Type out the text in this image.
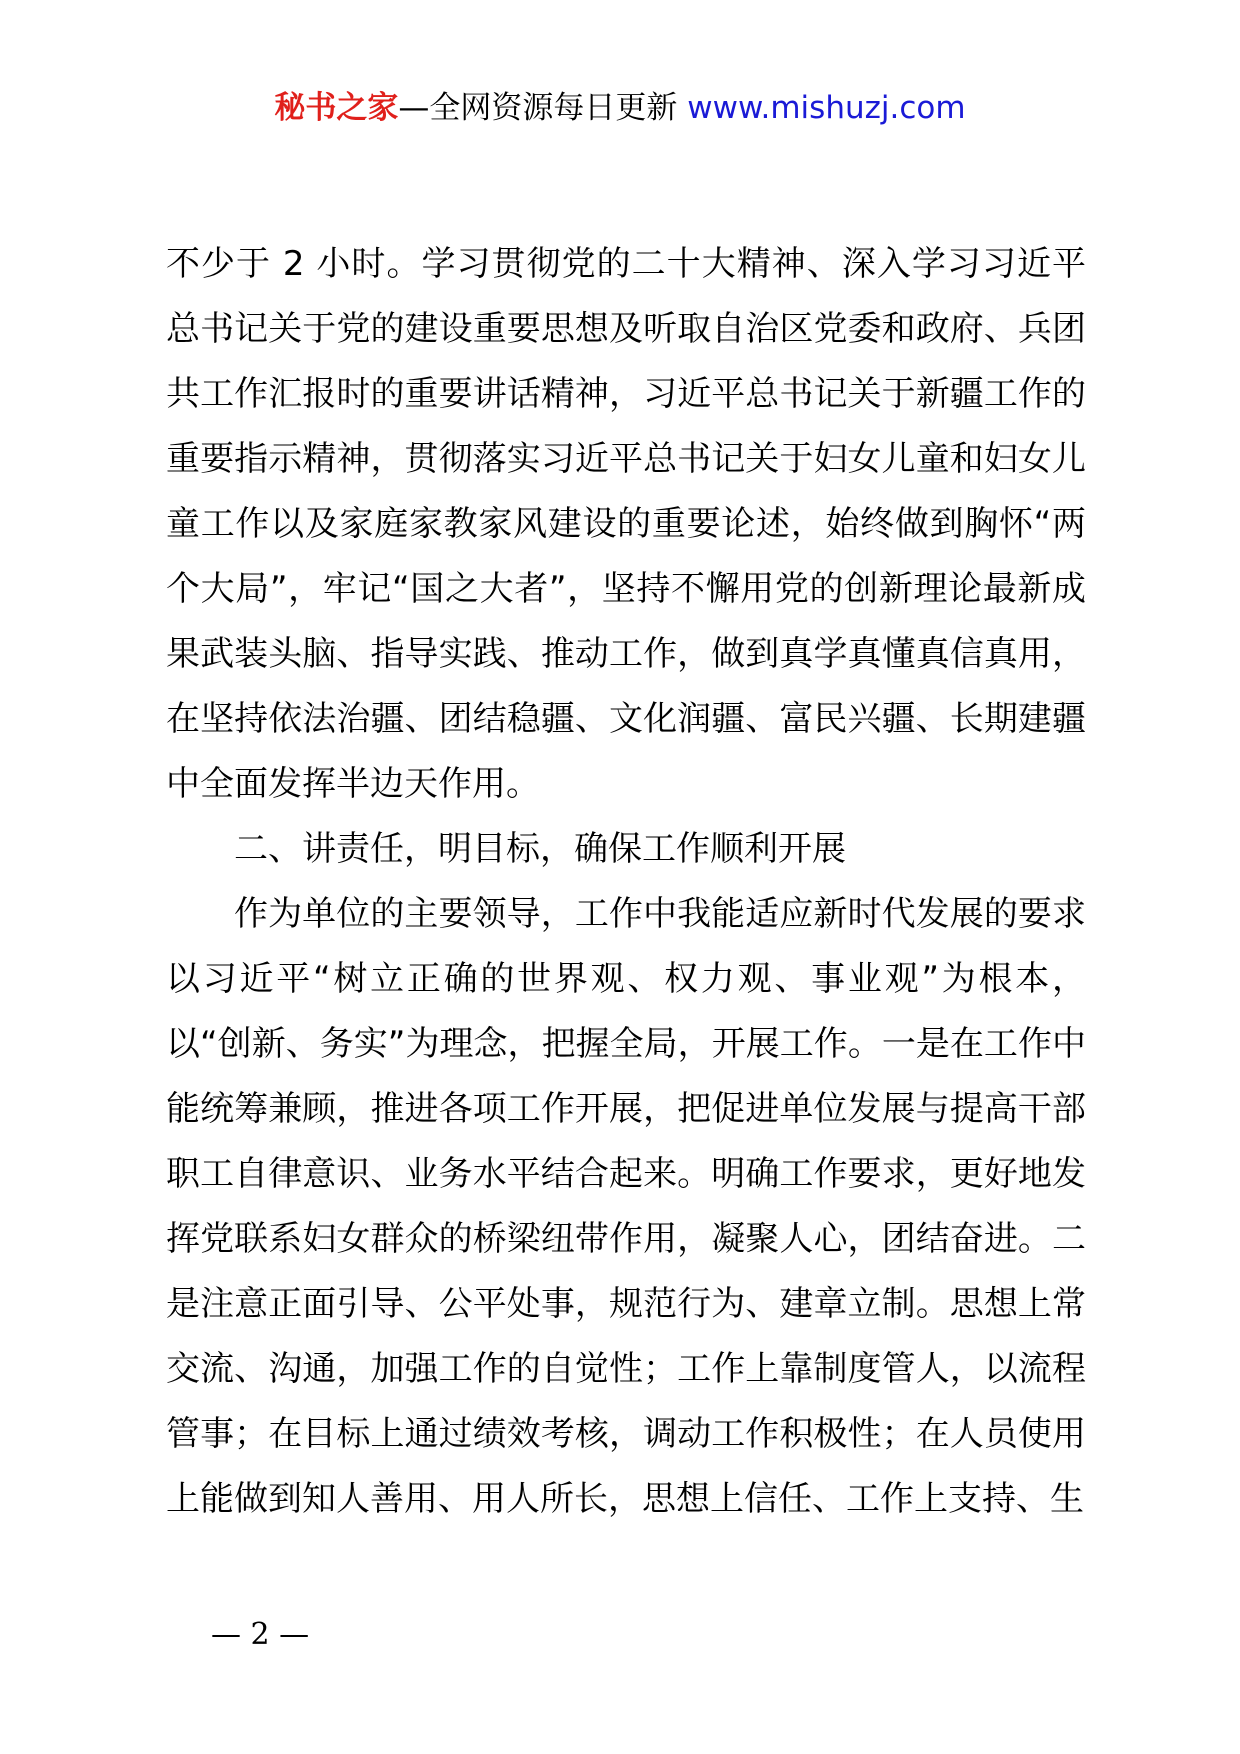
秘书之家—全网资源每日更新 www.mishuzj.com

不少于 2 小时。学习贯彻党的二十大精神、深入学习习近平总书记关于党的建设重要思想及听取自治区党委和政府、兵团共工作汇报时的重要讲话精神，习近平总书记关于新疆工作的重要指示精神，贯彻落实习近平总书记关于妇女儿童和妇女儿童工作以及家庭家教家风建设的重要论述，始终做到胸怀“两个大局”，牢记“国之大者”，坚持不懈用党的创新理论最新成果武装头脑、指导实践、推动工作，做到真学真懂真信真用，在坚持依法治疆、团结稳疆、文化润疆、富民兴疆、长期建疆中全面发挥半边天作用。

二、讲责任，明目标，确保工作顺利开展

作为单位的主要领导，工作中我能适应新时代发展的要求以习近平“树立正确的世界观、权力观、事业观”为根本，以“创新、务实”为理念，把握全局，开展工作。一是在工作中能统筹兼顾，推进各项工作开展，把促进单位发展与提高干部职工自律意识、业务水平结合起来。明确工作要求，更好地发挥党联系妇女群众的桥梁纽带作用，凝聚人心，团结奋进。二是注意正面引导、公平处事，规范行为、建章立制。思想上常交流、沟通，加强工作的自觉性；工作上靠制度管人，以流程管事；在目标上通过绩效考核，调动工作积极性；在人员使用上能做到知人善用、用人所长，思想上信任、工作上支持、生

— 2 —
